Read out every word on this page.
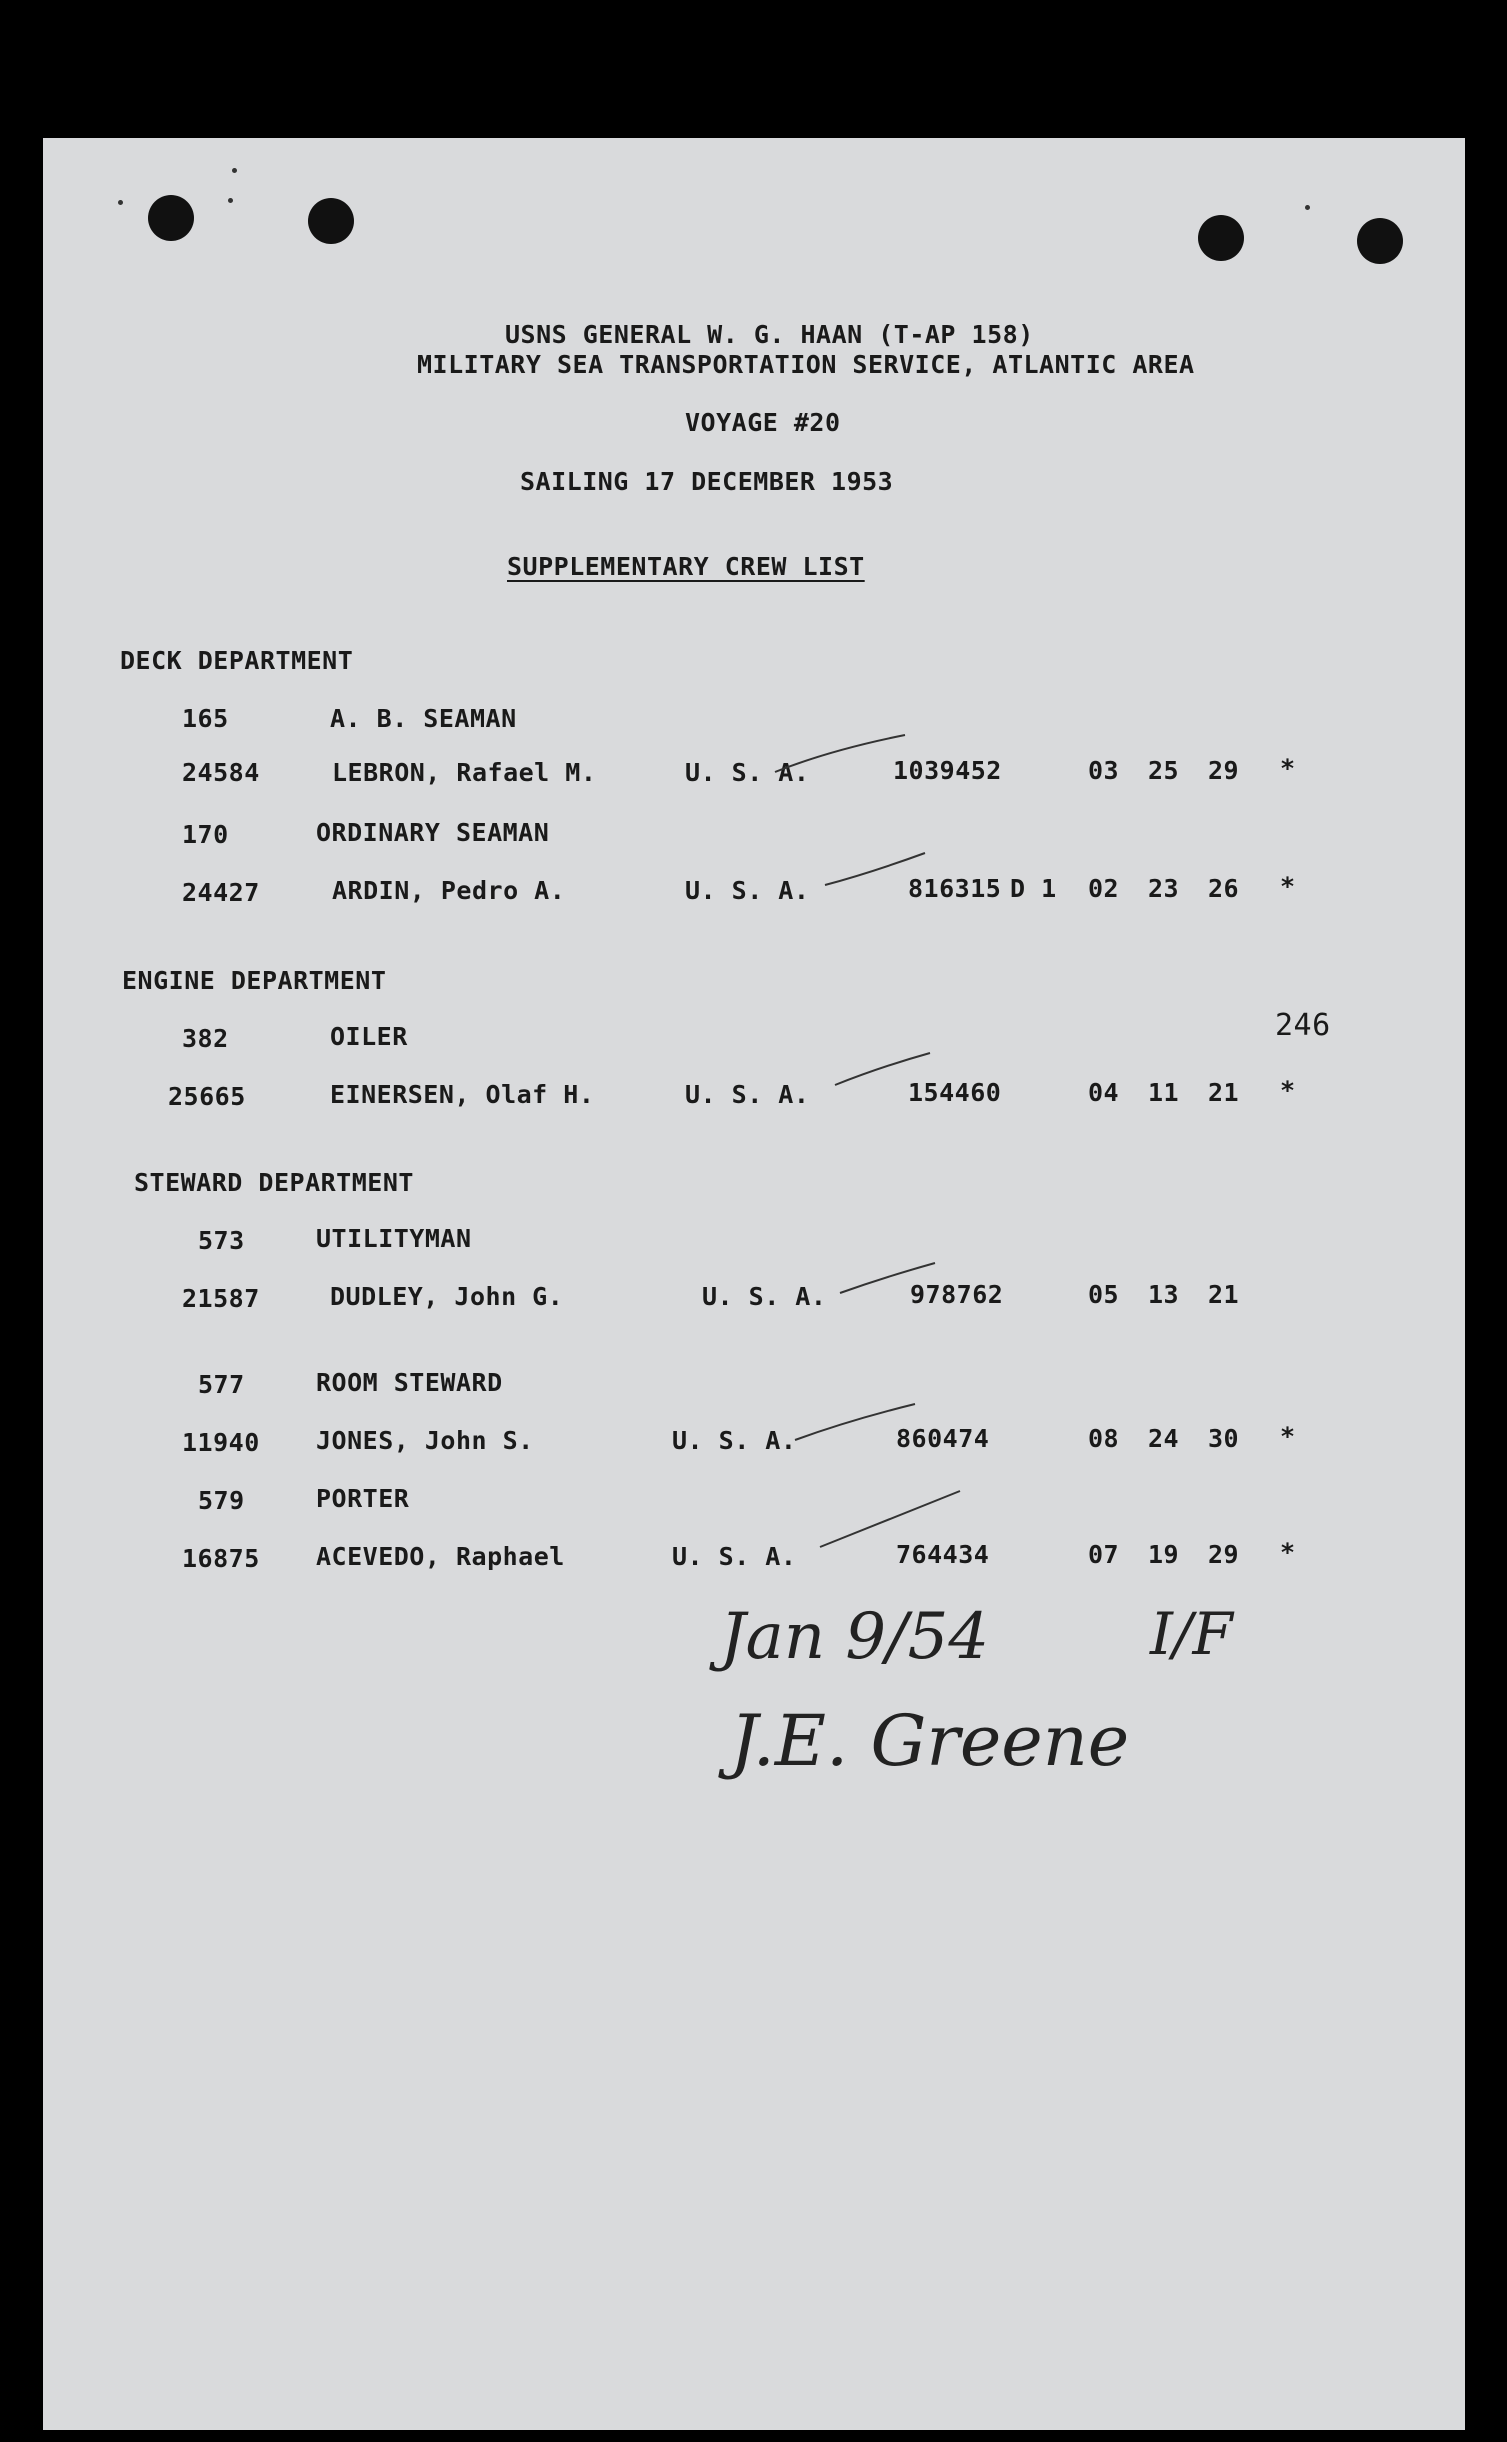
USNS GENERAL W. G. HAAN (T-AP 158)
MILITARY SEA TRANSPORTATION SERVICE, ATLANTIC AREA
VOYAGE #20
SAILING 17 DECEMBER 1953
SUPPLEMENTARY CREW LIST
246
DECK DEPARTMENT
165	A. B. SEAMAN
24584	LEBRON, Rafael M.	U. S. A.	1039452	03 25 29 *
170	ORDINARY SEAMAN
24427	ARDIN, Pedro A.	U. S. A.	816315 D 1 02 23 26 *
ENGINE DEPARTMENT
382	OILER
25665	EINERSEN, Olaf H.	U. S. A.	154460	04 11 21 *
STEWARD DEPARTMENT
573	UTILITYMAN
21587	DUDLEY, John G.	U. S. A.	978762	05 13 21
577	ROOM STEWARD
11940 JONES, John S.	U. S. A.	860474	08 24 30 *
579	PORTER
16875 ACEVEDO, Raphael	U. S. A.	764434	07 19 29 *
Jan 9/54	I/F
J.E. Greene
